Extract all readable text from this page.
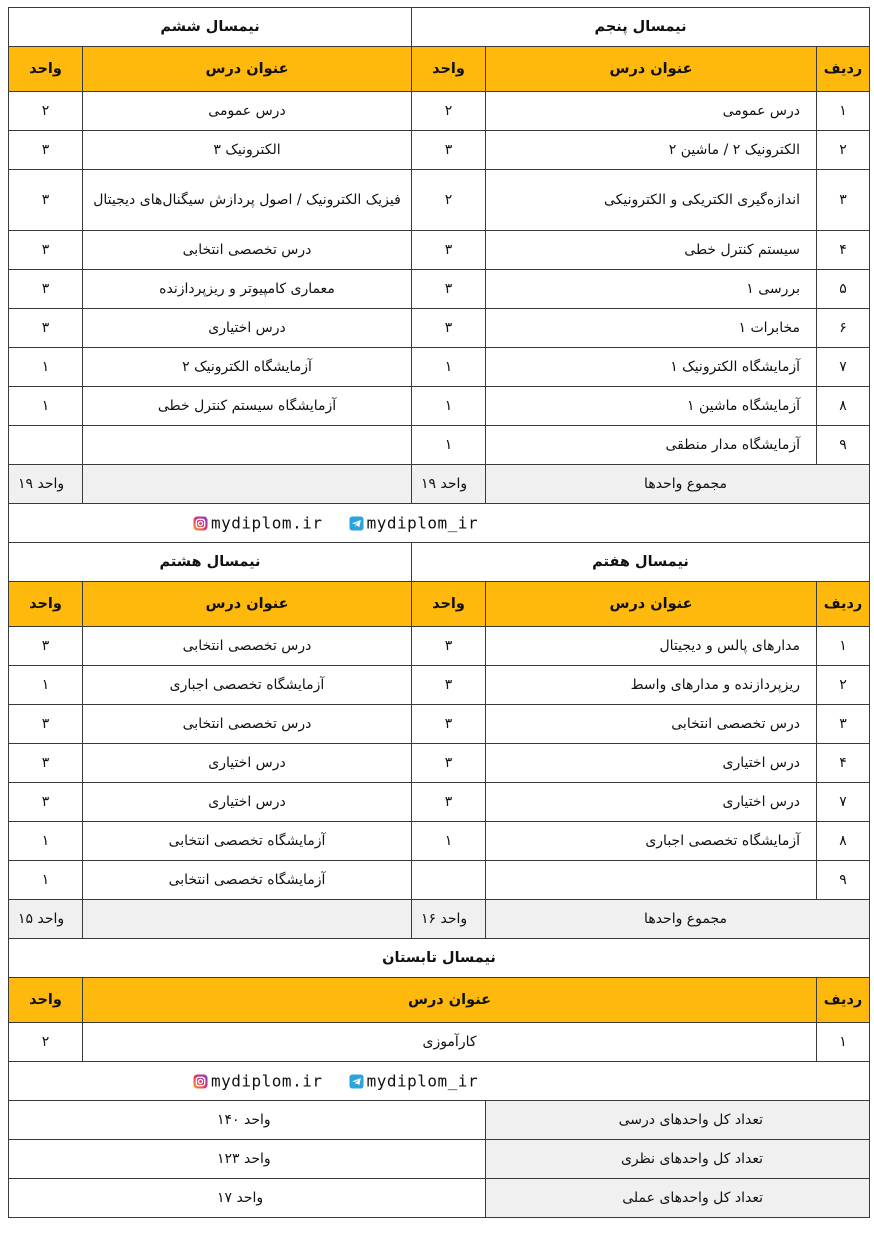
نیمسال ششم		نیمسال پنجم		
واحد	عنوان درس	واحد	عنوان درس	ردیف
۲	درس عمومی	۲	درس عمومی	۱
۳	الکترونیک ۳	۳	الکترونیک ۲ / ماشین ۲	۲
۳	فیزیک الکترونیک / اصول پردازش سیگنال‌های دیجیتال	۲	اندازه‌گیری الکتریکی و الکترونیکی	۳
۳	درس تخصصی انتخابی	۳	سیستم کنترل خطی	۴
۳	معماری کامپیوتر و ریزپردازنده	۳	بررسی ۱	۵
۳	درس اختیاری	۳	مخابرات ۱	۶
۱	آزمایشگاه الکترونیک ۲	۱	آزمایشگاه الکترونیک ۱	۷
۱	آزمایشگاه سیستم کنترل خطی	۱	آزمایشگاه ماشین ۱	۸
		۱	آزمایشگاه مدار منطقی	۹
۱۹ واحد		۱۹ واحد	مجموع واحدها	
mydiplom.ir mydiplom_ir				
نیمسال هشتم		نیمسال هفتم		
واحد	عنوان درس	واحد	عنوان درس	ردیف
۳	درس تخصصی انتخابی	۳	مدارهای پالس و دیجیتال	۱
۱	آزمایشگاه تخصصی اجباری	۳	ریزپردازنده و مدارهای واسط	۲
۳	درس تخصصی انتخابی	۳	درس تخصصی انتخابی	۳
۳	درس اختیاری	۳	درس اختیاری	۴
۳	درس اختیاری	۳	درس اختیاری	۷
۱	آزمایشگاه تخصصی انتخابی	۱	آزمایشگاه تخصصی اجباری	۸
۱	آزمایشگاه تخصصی انتخابی			۹
۱۵ واحد		۱۶ واحد	مجموع واحدها	
نیمسال تابستان				
واحد	عنوان درس			ردیف
۲	کارآموزی			۱
mydiplom.ir mydiplom_ir				
۱۴۰ واحد			تعداد کل واحدهای درسی	
۱۲۳ واحد			تعداد کل واحدهای نظری	
۱۷ واحد			تعداد کل واحدهای عملی	
